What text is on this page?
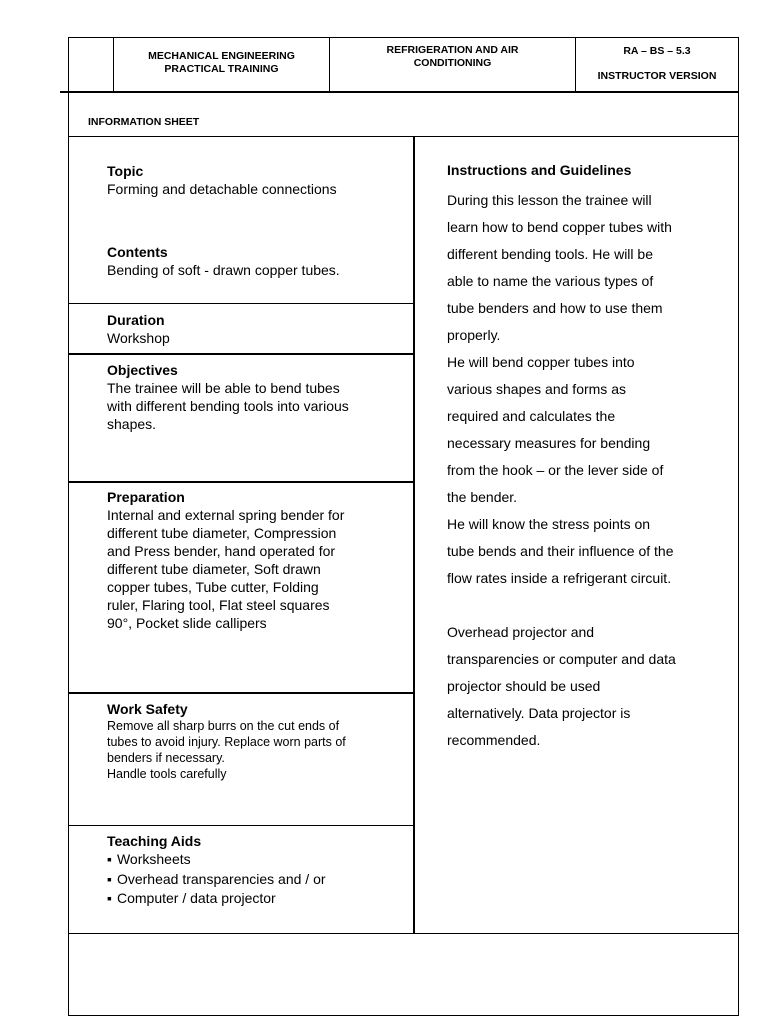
MECHANICAL ENGINEERING
PRACTICAL TRAINING
REFRIGERATION AND AIR
CONDITIONING
RA – BS – 5.3
INSTRUCTOR VERSION
INFORMATION SHEET
Topic

Forming and detachable connections

Contents

Bending of soft - drawn copper tubes.

Duration

Workshop

Objectives

The trainee will be able to bend tubes
with different bending tools into various
shapes.

Preparation

Internal and external spring bender for
different tube diameter, Compression
and Press bender, hand operated for
different tube diameter, Soft drawn
copper tubes, Tube cutter, Folding
ruler, Flaring tool, Flat steel squares
90°, Pocket slide callipers

Work Safety

Remove all sharp burrs on the cut ends of
tubes to avoid injury. Replace worn parts of
benders if necessary.
Handle tools carefully

Teaching Aids
▪ Worksheets
▪ Overhead transparencies and / or
▪ Computer / data projector
Instructions and Guidelines

During this lesson the trainee will
learn how to bend copper tubes with
different bending tools. He will be
able to name the various types of
tube benders and how to use them
properly.
He will bend copper tubes into
various shapes and forms as
required and calculates the
necessary measures for bending
from the hook – or the lever side of
the bender.
He will know the stress points on
tube bends and their influence of the
flow rates inside a refrigerant circuit.

Overhead projector and
transparencies or computer and data
projector should be used
alternatively. Data projector is
recommended.
